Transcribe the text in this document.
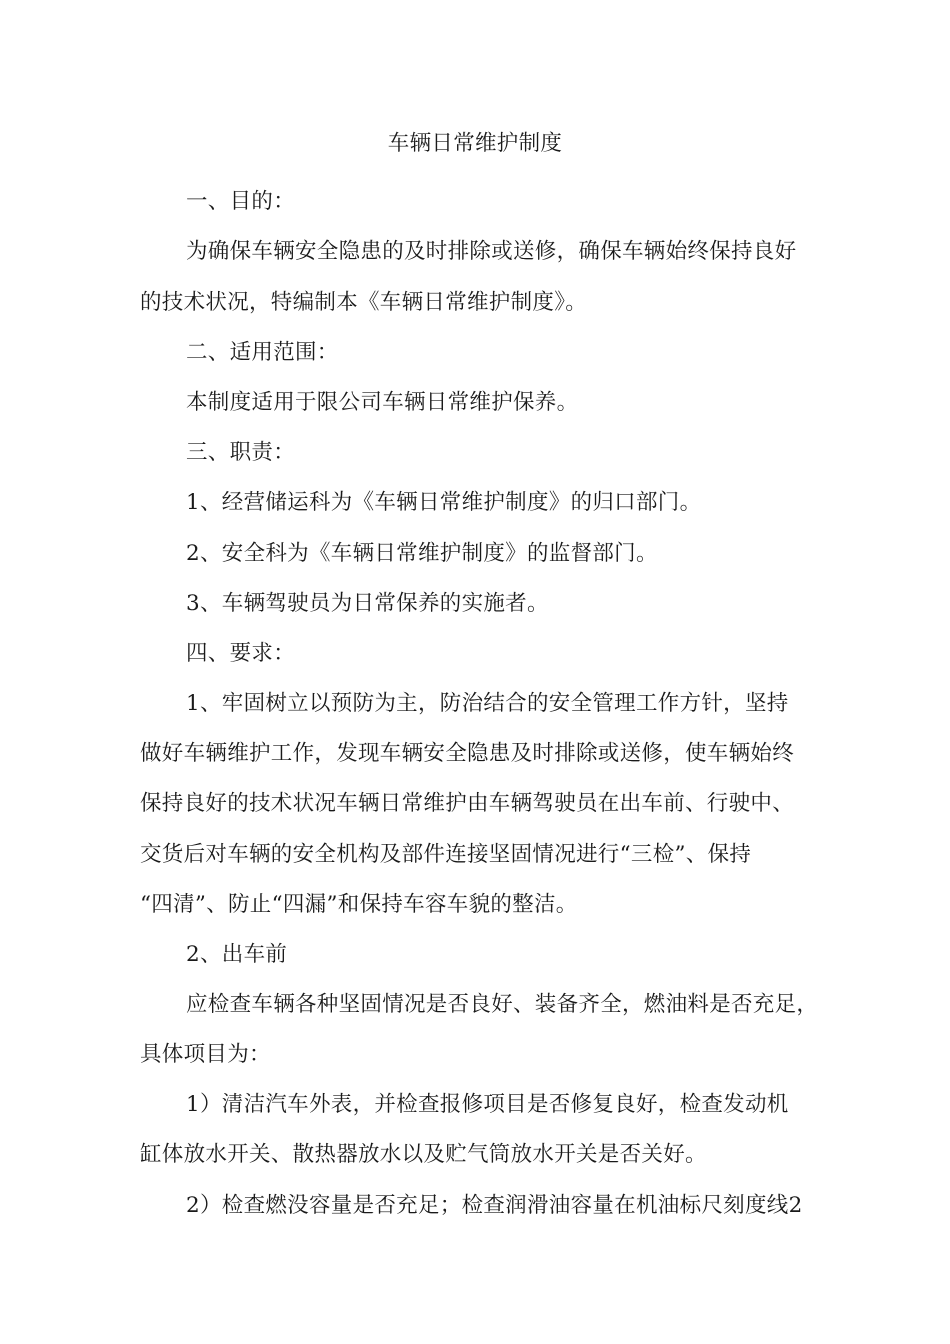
车辆日常维护制度
一、目的：
为确保车辆安全隐患的及时排除或送修，确保车辆始终保持良好
的技术状况，特编制本《车辆日常维护制度》。
二、适用范围：
本制度适用于限公司车辆日常维护保养。
三、职责：
1、经营储运科为《车辆日常维护制度》的归口部门。
2、安全科为《车辆日常维护制度》的监督部门。
3、车辆驾驶员为日常保养的实施者。
四、要求：
1、牢固树立以预防为主，防治结合的安全管理工作方针，坚持
做好车辆维护工作，发现车辆安全隐患及时排除或送修，使车辆始终
保持良好的技术状况车辆日常维护由车辆驾驶员在出车前、行驶中、
交货后对车辆的安全机构及部件连接坚固情况进行“三检”、保持
“四清”、防止“四漏”和保持车容车貌的整洁。
2、出车前
应检查车辆各种坚固情况是否良好、装备齐全，燃油料是否充足，
具体项目为：
1）清洁汽车外表，并检查报修项目是否修复良好，检查发动机
缸体放水开关、散热器放水以及贮气筒放水开关是否关好。
2）检查燃没容量是否充足；检查润滑油容量在机油标尺刻度线2
